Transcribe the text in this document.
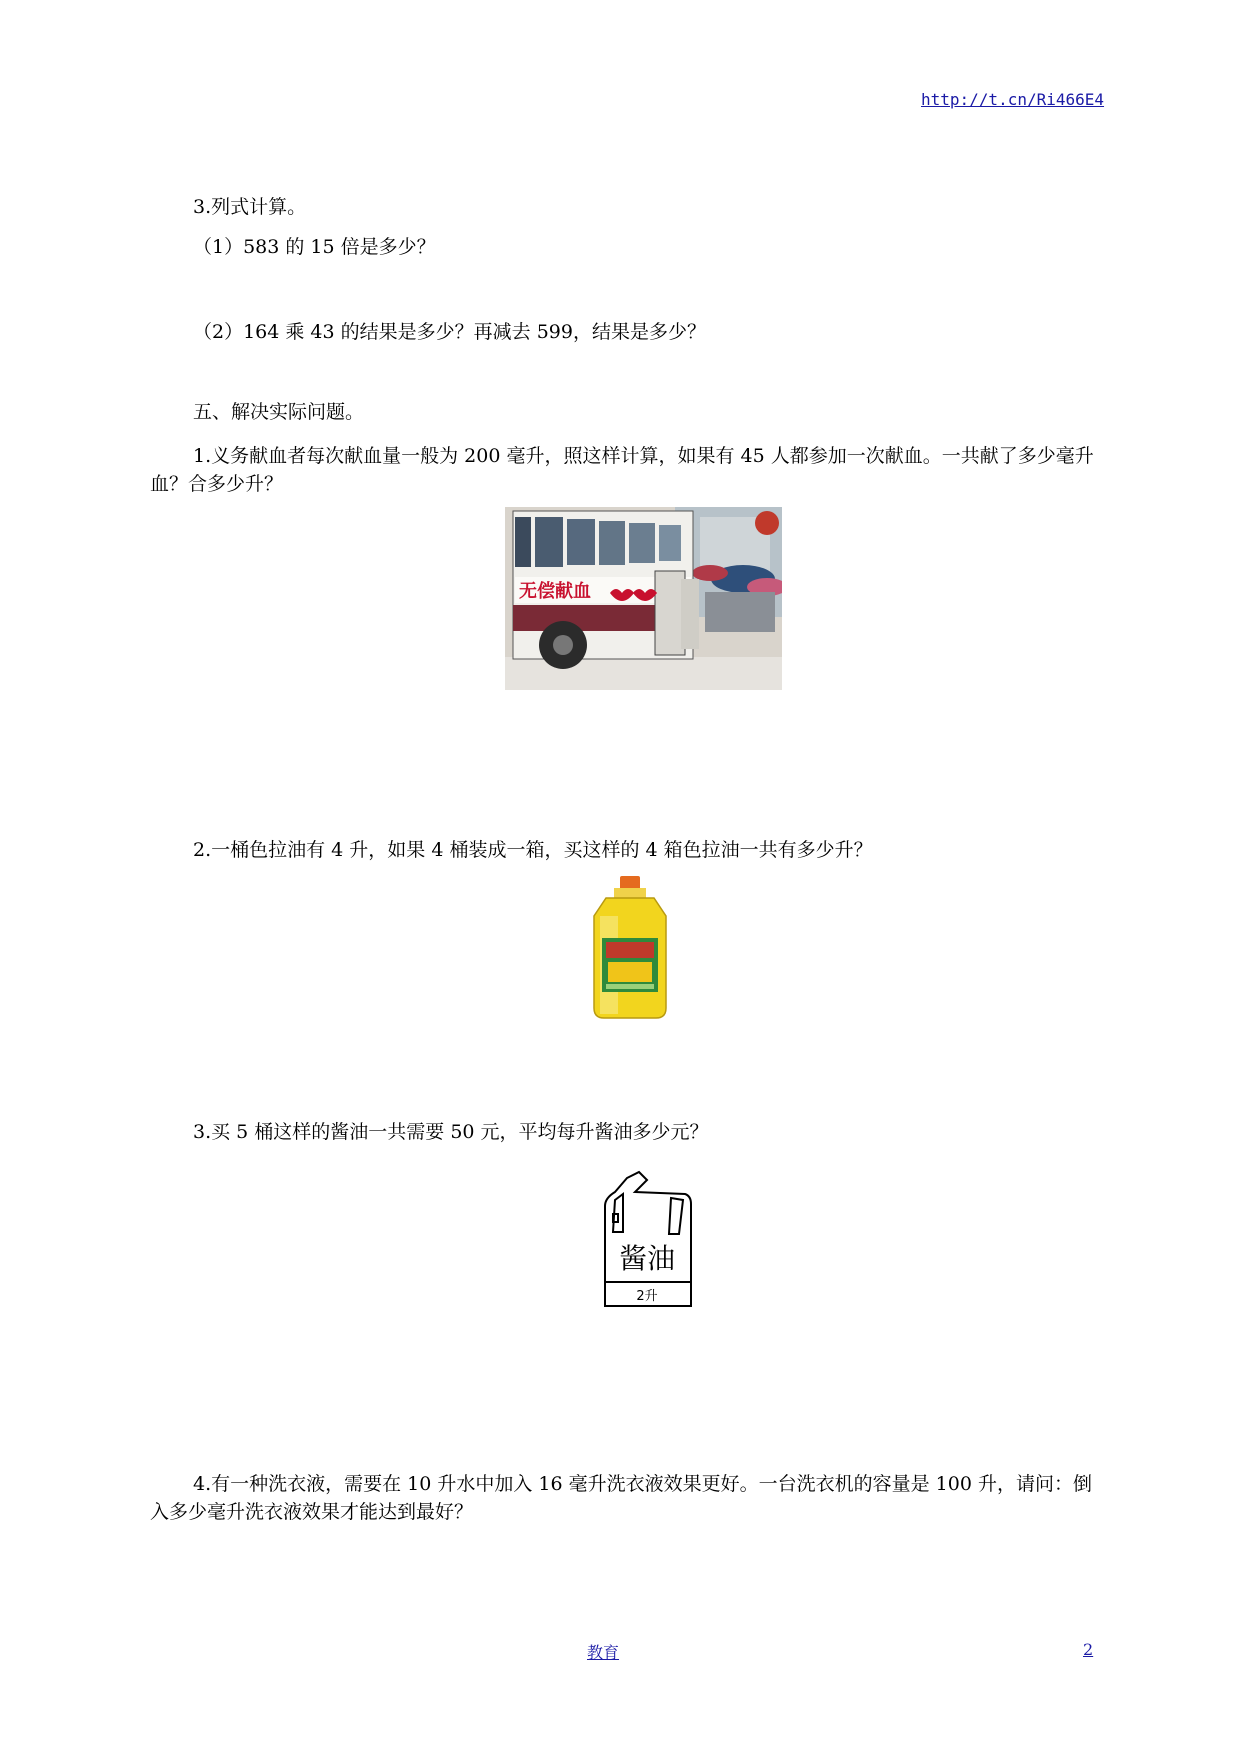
http://t.cn/Ri466E4
3.列式计算。
（1）583 的 15 倍是多少？
（2）164 乘 43 的结果是多少？再减去 599，结果是多少？
五、解决实际问题。
1.义务献血者每次献血量一般为 200 毫升，照这样计算，如果有 45 人都参加一次献血。一共献了多少毫升血？合多少升？
无偿献血
2.一桶色拉油有 4 升，如果 4 桶装成一箱，买这样的 4 箱色拉油一共有多少升？
3.买 5 桶这样的酱油一共需要 50 元，平均每升酱油多少元？
酱油
2升
4.有一种洗衣液，需要在 10 升水中加入 16 毫升洗衣液效果更好。一台洗衣机的容量是 100 升，请问：倒入多少毫升洗衣液效果才能达到最好？
教育	2
